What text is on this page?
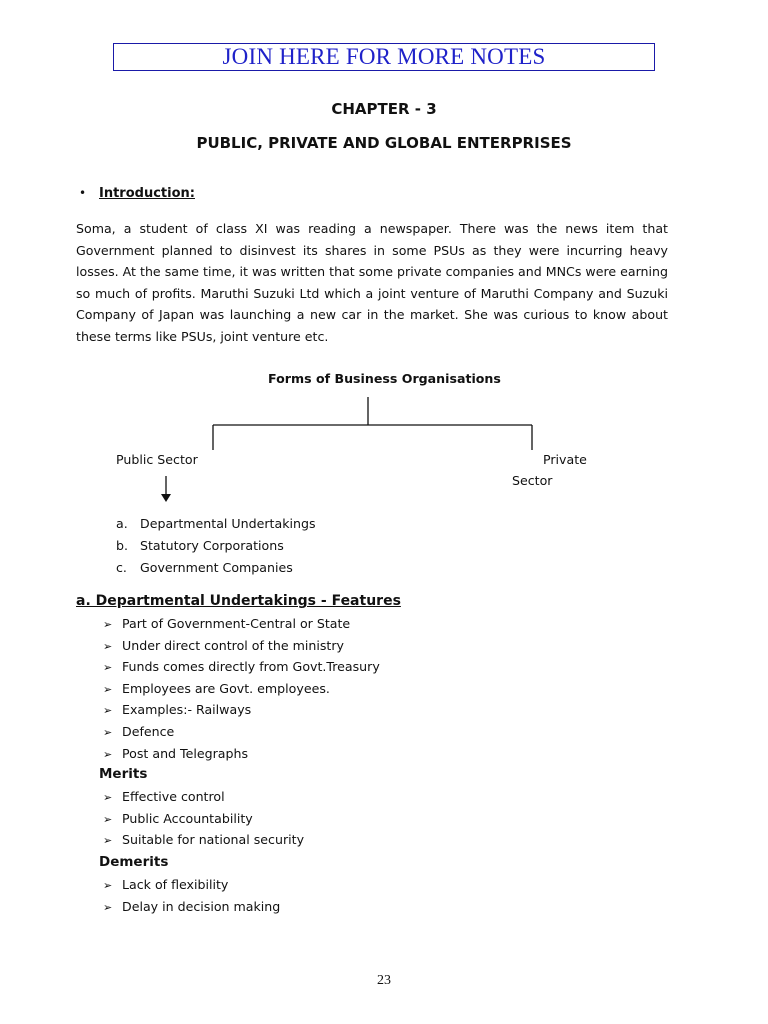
JOIN HERE FOR MORE NOTES
CHAPTER - 3
PUBLIC, PRIVATE AND GLOBAL ENTERPRISES
• Introduction:

Soma, a student of class XI was reading a newspaper. There was the news item that Government planned to disinvest its shares in some PSUs as they were incurring heavy losses. At the same time, it was written that some private companies and MNCs were earning so much of profits. Maruthi Suzuki Ltd which a joint venture of Maruthi Company and Suzuki Company of Japan was launching a new car in the market. She was curious to know about these terms like PSUs, joint venture etc.

Forms of Business Organisations
Public Sector	Private
Sector
a. Departmental Undertakings
b. Statutory Corporations
c. Government Companies
a. Departmental Undertakings - Features
➢ Part of Government-Central or State
➢ Under direct control of the ministry
➢ Funds comes directly from Govt.Treasury
➢ Employees are Govt. employees.
➢ Examples:- Railways
➢ Defence
➢ Post and Telegraphs
Merits
➢ Effective control
➢ Public Accountability
➢ Suitable for national security
Demerits
➢ Lack of flexibility
➢ Delay in decision making
23
